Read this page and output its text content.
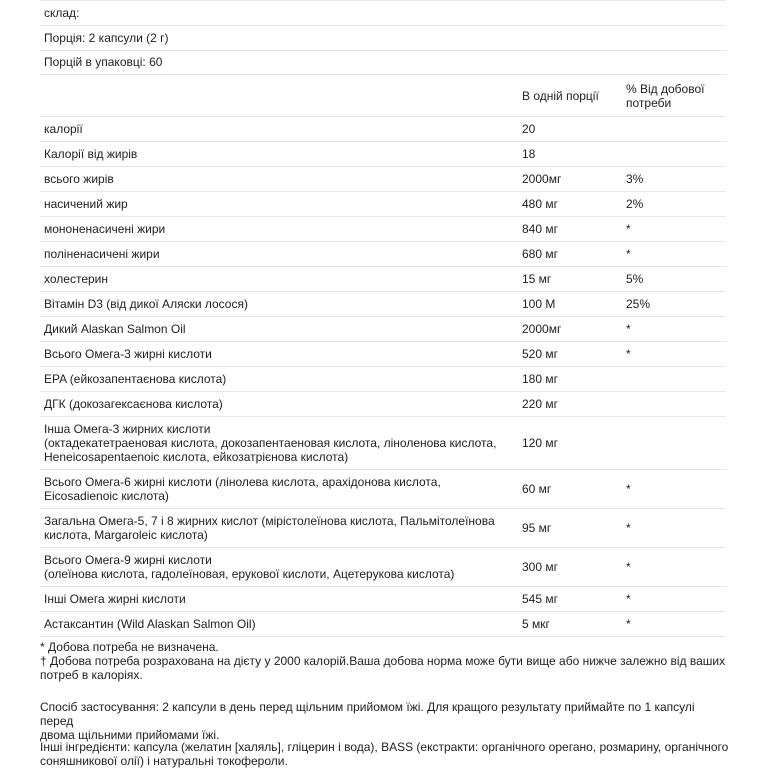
склад:
Порція: 2 капсули (2 г)
Порцій в упаковці: 60
	В одній порції	% Від добової
потреби
калорії	20	
Калорії від жирів	18	
всього жирів	2000мг	3%
насичений жир	480 мг	2%
мононенасичені жири	840 мг	*
поліненасичені жири	680 мг	*
холестерин	15 мг	5%
Вітамін D3 (від дикої Аляски лосося)	100 М	25%
Дикий Alaskan Salmon Oil	2000мг	*
Всього Омега-3 жирні кислоти	520 мг	*
EPA (ейкозапентаєнова кислота)	180 мг	
ДГК (докозагексаєнова кислота)	220 мг	
Інша Омега-3 жирних кислоти
(октадекатетраеновая кислота, докозапентаеновая кислота, ліноленова кислота,
Heneicosapentaenoic кислота, ейкозатрієнова кислота)	120 мг	
Всього Омега-6 жирні кислоти (лінолева кислота, арахідонова кислота,
Eicosadienoic кислота)	60 мг	*
Загальна Омега-5, 7 і 8 жирних кислот (мірістолеїнова кислота, Пальмітолеїнова
кислота, Margaroleic кислота)	95 мг	*
Всього Омега-9 жирні кислоти
(олеїнова кислота, гадолеїновая, ерукової кислоти, Ацетерукова кислота)	300 мг	*
Інші Омега жирні кислоти	545 мг	*
Астаксантин (Wild Alaskan Salmon Oil)	5 мкг	*
* Добова потреба не визначена.
† Добова потреба розрахована на дієту у 2000 калорій.Ваша добова норма може бути вище або нижче залежно від ваших
потреб в калоріях.
Спосіб застосування: 2 капсули в день перед щільним прийомом їжі. Для кращого результату приймайте по 1 капсулі перед
двома щільними прийомами їжі.
Інші інгредієнти: капсула (желатин [халяль], гліцерин і вода), BASS (екстракти: органічного орегано, розмарину, органічного
соняшникової олії) і натуральні токофероли.
